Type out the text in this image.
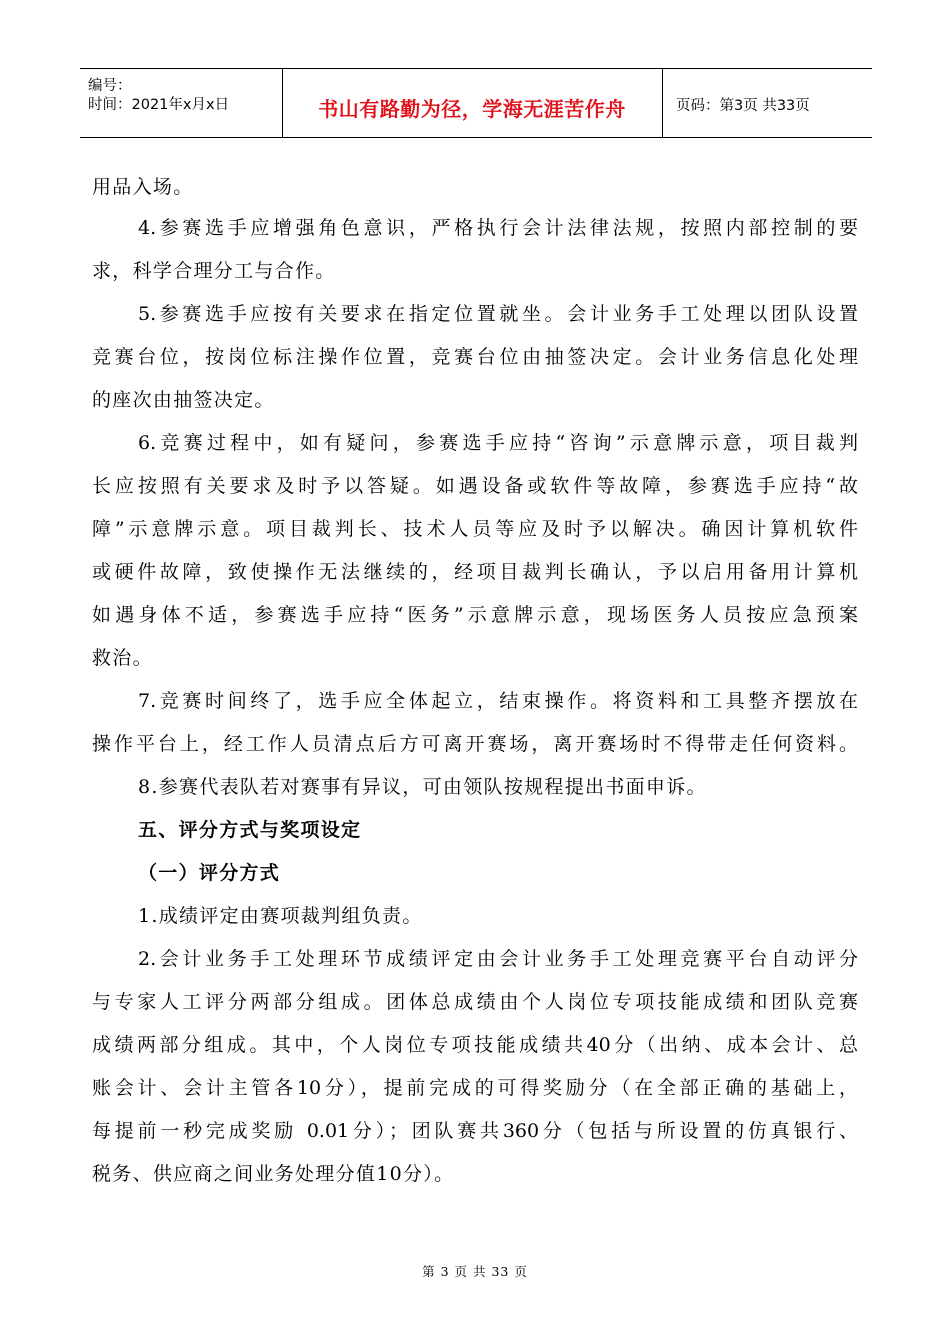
编号：
时间：2021年x月x日	书山有路勤为径，学海无涯苦作舟	页码：第3页 共33页
用品入场。
4.参赛选手应增强角色意识，严格执行会计法律法规，按照内部控制的要
求，科学合理分工与合作。
5.参赛选手应按有关要求在指定位置就坐。会计业务手工处理以团队设置
竞赛台位，按岗位标注操作位置，竞赛台位由抽签决定。会计业务信息化处理
的座次由抽签决定。
6.竞赛过程中，如有疑问，参赛选手应持“咨询”示意牌示意，项目裁判
长应按照有关要求及时予以答疑。如遇设备或软件等故障，参赛选手应持“故
障”示意牌示意。项目裁判长、技术人员等应及时予以解决。确因计算机软件
或硬件故障，致使操作无法继续的，经项目裁判长确认，予以启用备用计算机
如遇身体不适，参赛选手应持“医务”示意牌示意，现场医务人员按应急预案
救治。
7.竞赛时间终了，选手应全体起立，结束操作。将资料和工具整齐摆放在
操作平台上，经工作人员清点后方可离开赛场，离开赛场时不得带走任何资料。
8.参赛代表队若对赛事有异议，可由领队按规程提出书面申诉。
五、评分方式与奖项设定
（一）评分方式
1.成绩评定由赛项裁判组负责。
2.会计业务手工处理环节成绩评定由会计业务手工处理竞赛平台自动评分
与专家人工评分两部分组成。团体总成绩由个人岗位专项技能成绩和团队竞赛
成绩两部分组成。其中，个人岗位专项技能成绩共40分（出纳、成本会计、总
账会计、会计主管各10分），提前完成的可得奖励分（在全部正确的基础上，
每提前一秒完成奖励 0.01分）；团队赛共360分（包括与所设置的仿真银行、
税务、供应商之间业务处理分值10分）。
第 3 页 共 33 页
